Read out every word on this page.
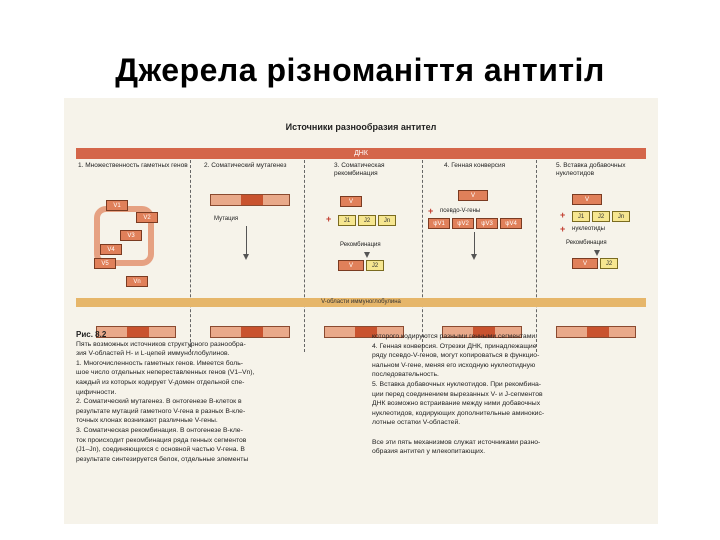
Джерела різноманіття антитіл
Источники разнообразия антител
ДНК
1. Множественность гаметных генов
V1
V2
V3
V4
V5
Vn
2. Соматический мутагенез
Мутация
3. Соматическая рекомбинация
V
+	J1	J2	Jn
Рекомбинация
V	J2
4. Генная конверсия
V
+ псевдо-V-гены
ψV1	ψV2	ψV3	ψV4
5. Вставка добавочных нуклеотидов
V
+	J1	J2	Jn
+ нуклеотиды
Рекомбинация
V	J2
V-области иммуноглобулина

Рис. 8.2

Пять возможных источников структурного разнообра-

зия V-областей Н- и L-цепей иммуноглобулинов.

1. Многочисленность гаметных генов. Имеется боль-

шое число отдельных непереставленных генов (V1–Vn),

каждый из которых кодирует V-домен отдельной спе-

цифичности.

2. Соматический мутагенез. В онтогенезе В-клеток в

результате мутаций гаметного V-гена в разных В-кле-

точных клонах возникают различные V-гены.

3. Соматическая рекомбинация. В онтогенезе В-кле-

ток происходит рекомбинация ряда генных сегментов

(J1–Jn), соединяющихся с основной частью V-гена. В

результате синтезируется белок, отдельные элементы

которого кодируются разными генными сегментами.

4. Генная конверсия. Отрезки ДНК, принадлежащие

ряду псевдо-V-генов, могут копироваться в функцио-

нальном V-гене, меняя его исходную нуклеотидную

последовательность.

5. Вставка добавочных нуклеотидов. При рекомбина-

ции перед соединением вырезанных V- и J-сегментов

ДНК возможно встраивание между ними добавочных

нуклеотидов, кодирующих дополнительные аминокис-

лотные остатки V-областей.

Все эти пять механизмов служат источниками разно-

образия антител у млекопитающих.
